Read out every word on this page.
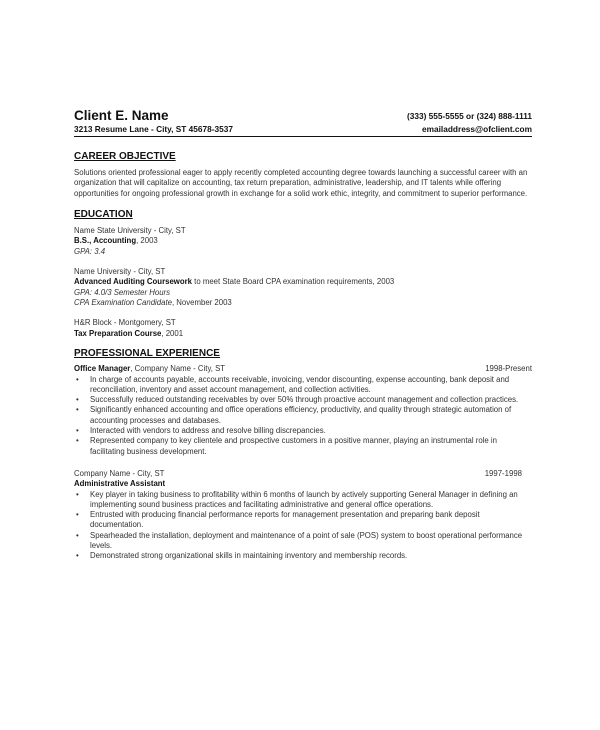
Client E. Name	(333) 555-5555 or (324) 888-1111
3213 Resume Lane - City, ST 45678-3537	emailaddress@ofclient.com
CAREER OBJECTIVE

Solutions oriented professional eager to apply recently completed accounting degree towards launching a successful career with an organization that will capitalize on accounting, tax return preparation, administrative, leadership, and IT talents while offering opportunities for ongoing professional growth in exchange for a solid work ethic, integrity, and commitment to superior performance.

EDUCATION
Name State University - City, ST
B.S., Accounting, 2003
GPA: 3.4
Name University - City, ST
Advanced Auditing Coursework to meet State Board CPA examination requirements, 2003
GPA: 4.0/3 Semester Hours
CPA Examination Candidate, November 2003
H&R Block - Montgomery, ST
Tax Preparation Course, 2001
PROFESSIONAL EXPERIENCE
Office Manager, Company Name - City, ST	1998-Present
• In charge of accounts payable, accounts receivable, invoicing, vendor discounting, expense accounting, bank deposit and reconciliation, inventory and asset account management, and collection activities.
• Successfully reduced outstanding receivables by over 50% through proactive account management and collection practices.
• Significantly enhanced accounting and office operations efficiency, productivity, and quality through strategic automation of accounting processes and databases.
• Interacted with vendors to address and resolve billing discrepancies.
• Represented company to key clientele and prospective customers in a positive manner, playing an instrumental role in facilitating business development.
Company Name - City, ST	1997-1998
Administrative Assistant
• Key player in taking business to profitability within 6 months of launch by actively supporting General Manager in defining an implementing sound business practices and facilitating administrative and general office operations.
• Entrusted with producing financial performance reports for management presentation and preparing bank deposit documentation.
• Spearheaded the installation, deployment and maintenance of a point of sale (POS) system to boost operational performance levels.
• Demonstrated strong organizational skills in maintaining inventory and membership records.
